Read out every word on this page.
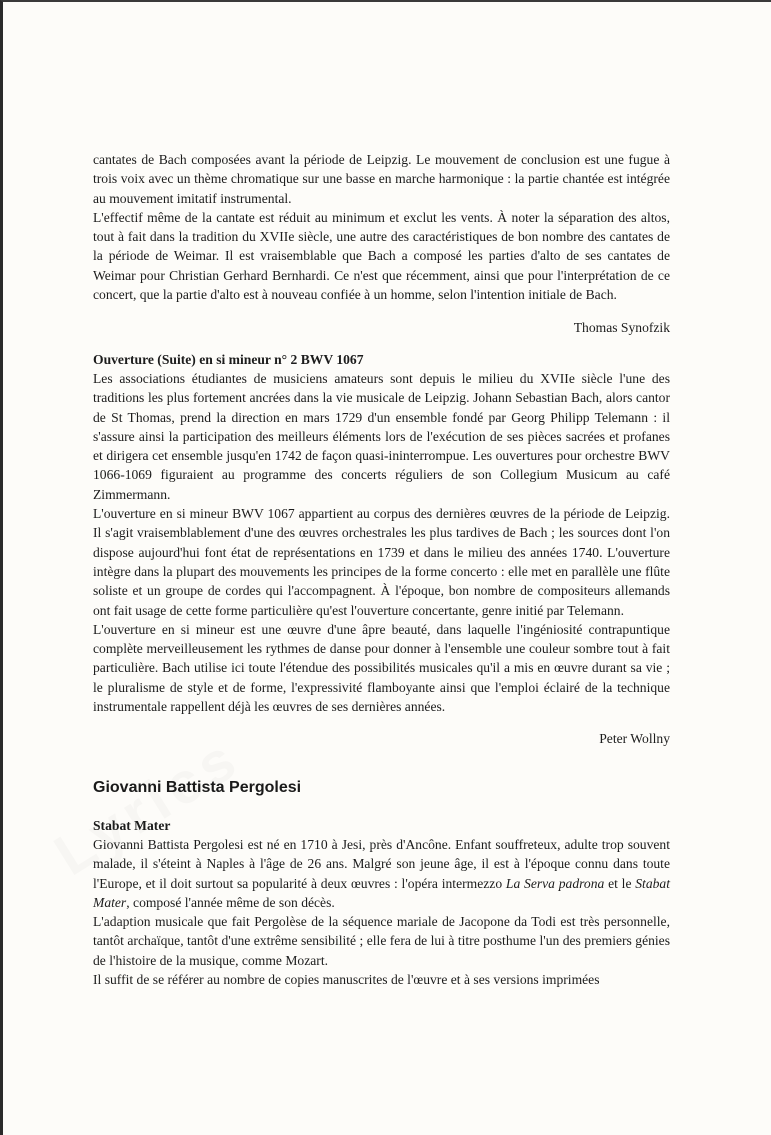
cantates de Bach composées avant la période de Leipzig. Le mouvement de conclusion est une fugue à trois voix avec un thème chromatique sur une basse en marche harmonique : la partie chantée est intégrée au mouvement imitatif instrumental.

L'effectif même de la cantate est réduit au minimum et exclut les vents. À noter la séparation des altos, tout à fait dans la tradition du XVIIe siècle, une autre des caractéristiques de bon nombre des cantates de la période de Weimar. Il est vraisemblable que Bach a composé les parties d'alto de ses cantates de Weimar pour Christian Gerhard Bernhardi. Ce n'est que récemment, ainsi que pour l'interprétation de ce concert, que la partie d'alto est à nouveau confiée à un homme, selon l'intention initiale de Bach.

Thomas Synofzik

Ouverture (Suite) en si mineur n° 2 BWV 1067

Les associations étudiantes de musiciens amateurs sont depuis le milieu du XVIIe siècle l'une des traditions les plus fortement ancrées dans la vie musicale de Leipzig. Johann Sebastian Bach, alors cantor de St Thomas, prend la direction en mars 1729 d'un ensemble fondé par Georg Philipp Telemann : il s'assure ainsi la participation des meilleurs éléments lors de l'exécution de ses pièces sacrées et profanes et dirigera cet ensemble jusqu'en 1742 de façon quasi-ininterrompue. Les ouvertures pour orchestre BWV 1066-1069 figuraient au programme des concerts réguliers de son Collegium Musicum au café Zimmermann.

L'ouverture en si mineur BWV 1067 appartient au corpus des dernières œuvres de la période de Leipzig. Il s'agit vraisemblablement d'une des œuvres orchestrales les plus tardives de Bach ; les sources dont l'on dispose aujourd'hui font état de représentations en 1739 et dans le milieu des années 1740. L'ouverture intègre dans la plupart des mouvements les principes de la forme concerto : elle met en parallèle une flûte soliste et un groupe de cordes qui l'accompagnent. À l'époque, bon nombre de compositeurs allemands ont fait usage de cette forme particulière qu'est l'ouverture concertante, genre initié par Telemann.

L'ouverture en si mineur est une œuvre d'une âpre beauté, dans laquelle l'ingéniosité contrapuntique complète merveilleusement les rythmes de danse pour donner à l'ensemble une couleur sombre tout à fait particulière. Bach utilise ici toute l'étendue des possibilités musicales qu'il a mis en œuvre durant sa vie ; le pluralisme de style et de forme, l'expressivité flamboyante ainsi que l'emploi éclairé de la technique instrumentale rappellent déjà les œuvres de ses dernières années.

Peter Wollny

Giovanni Battista Pergolesi

Stabat Mater

Giovanni Battista Pergolesi est né en 1710 à Jesi, près d'Ancône. Enfant souffreteux, adulte trop souvent malade, il s'éteint à Naples à l'âge de 26 ans. Malgré son jeune âge, il est à l'époque connu dans toute l'Europe, et il doit surtout sa popularité à deux œuvres : l'opéra intermezzo La Serva padrona et le Stabat Mater, composé l'année même de son décès.

L'adaption musicale que fait Pergolèse de la séquence mariale de Jacopone da Todi est très personnelle, tantôt archaïque, tantôt d'une extrême sensibilité ; elle fera de lui à titre posthume l'un des premiers génies de l'histoire de la musique, comme Mozart.

Il suffit de se référer au nombre de copies manuscrites de l'œuvre et à ses versions imprimées
